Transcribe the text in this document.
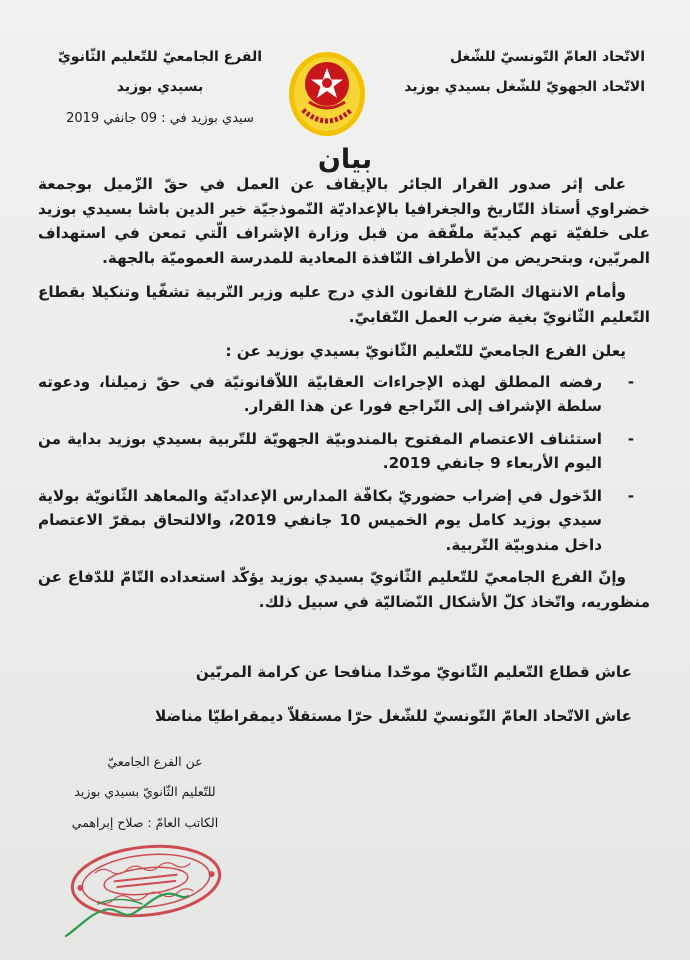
الاتّحاد العامّ التّونسيّ للشّغل
الاتّحاد الجهويّ للشّغل بسيدي بوزيد
الفرع الجامعيّ للتّعليم الثّانويّ
بسيدي بوزيد
سيدي بوزيد في : 09 جانفي 2019
بيان

على إثر صدور القرار الجائر بالإيقاف عن العمل في حقّ الزّميل بوجمعة خضراوي أستاذ التّاريخ والجغرافيا بالإعداديّة النّموذجيّة خير الدين باشا بسيدي بوزيد على خلفيّة تهم كيديّة ملفّقة من قبل وزارة الإشراف الّتي تمعن في استهداف المربّين، وبتحريض من الأطراف النّافذة المعادية للمدرسة العموميّة بالجهة.

وأمام الانتهاك الصّارخ للقانون الذي درج عليه وزير التّربية تشفّيا وتنكيلا بقطاع التّعليم الثّانويّ بغية ضرب العمل النّقابيّ.

يعلن الفرع الجامعيّ للتّعليم الثّانويّ بسيدي بوزيد عن :

-
رفضه المطلق لهذه الإجراءات العقابيّة اللاّقانونيّة في حقّ زميلنا، ودعوته سلطة الإشراف إلى التّراجع فورا عن هذا القرار.
-
استئناف الاعتصام المفتوح بالمندوبيّة الجهويّة للتّربية بسيدي بوزيد بداية من اليوم الأربعاء 9 جانفي 2019.
-
الدّخول في إضراب حضوريّ بكافّة المدارس الإعداديّة والمعاهد الثّانويّة بولاية سيدي بوزيد كامل يوم الخميس 10 جانفي 2019، والالتحاق بمقرّ الاعتصام داخل مندوبيّة التّربية.

وإنّ الفرع الجامعيّ للتّعليم الثّانويّ بسيدي بوزيد يؤكّد استعداده التّامّ للدّفاع عن منظوريه، واتّخاذ كلّ الأشكال النّضاليّة في سبيل ذلك.

عاش قطاع التّعليم الثّانويّ موحّدا منافحا عن كرامة المربّين
عاش الاتّحاد العامّ التّونسيّ للشّغل حرّا مستقلاّ ديمقراطيّا مناضلا
عن الفرع الجامعيّ
للتّعليم الثّانويّ بسيدي بوزيد
الكاتب العامّ : صلاح إبراهمي
